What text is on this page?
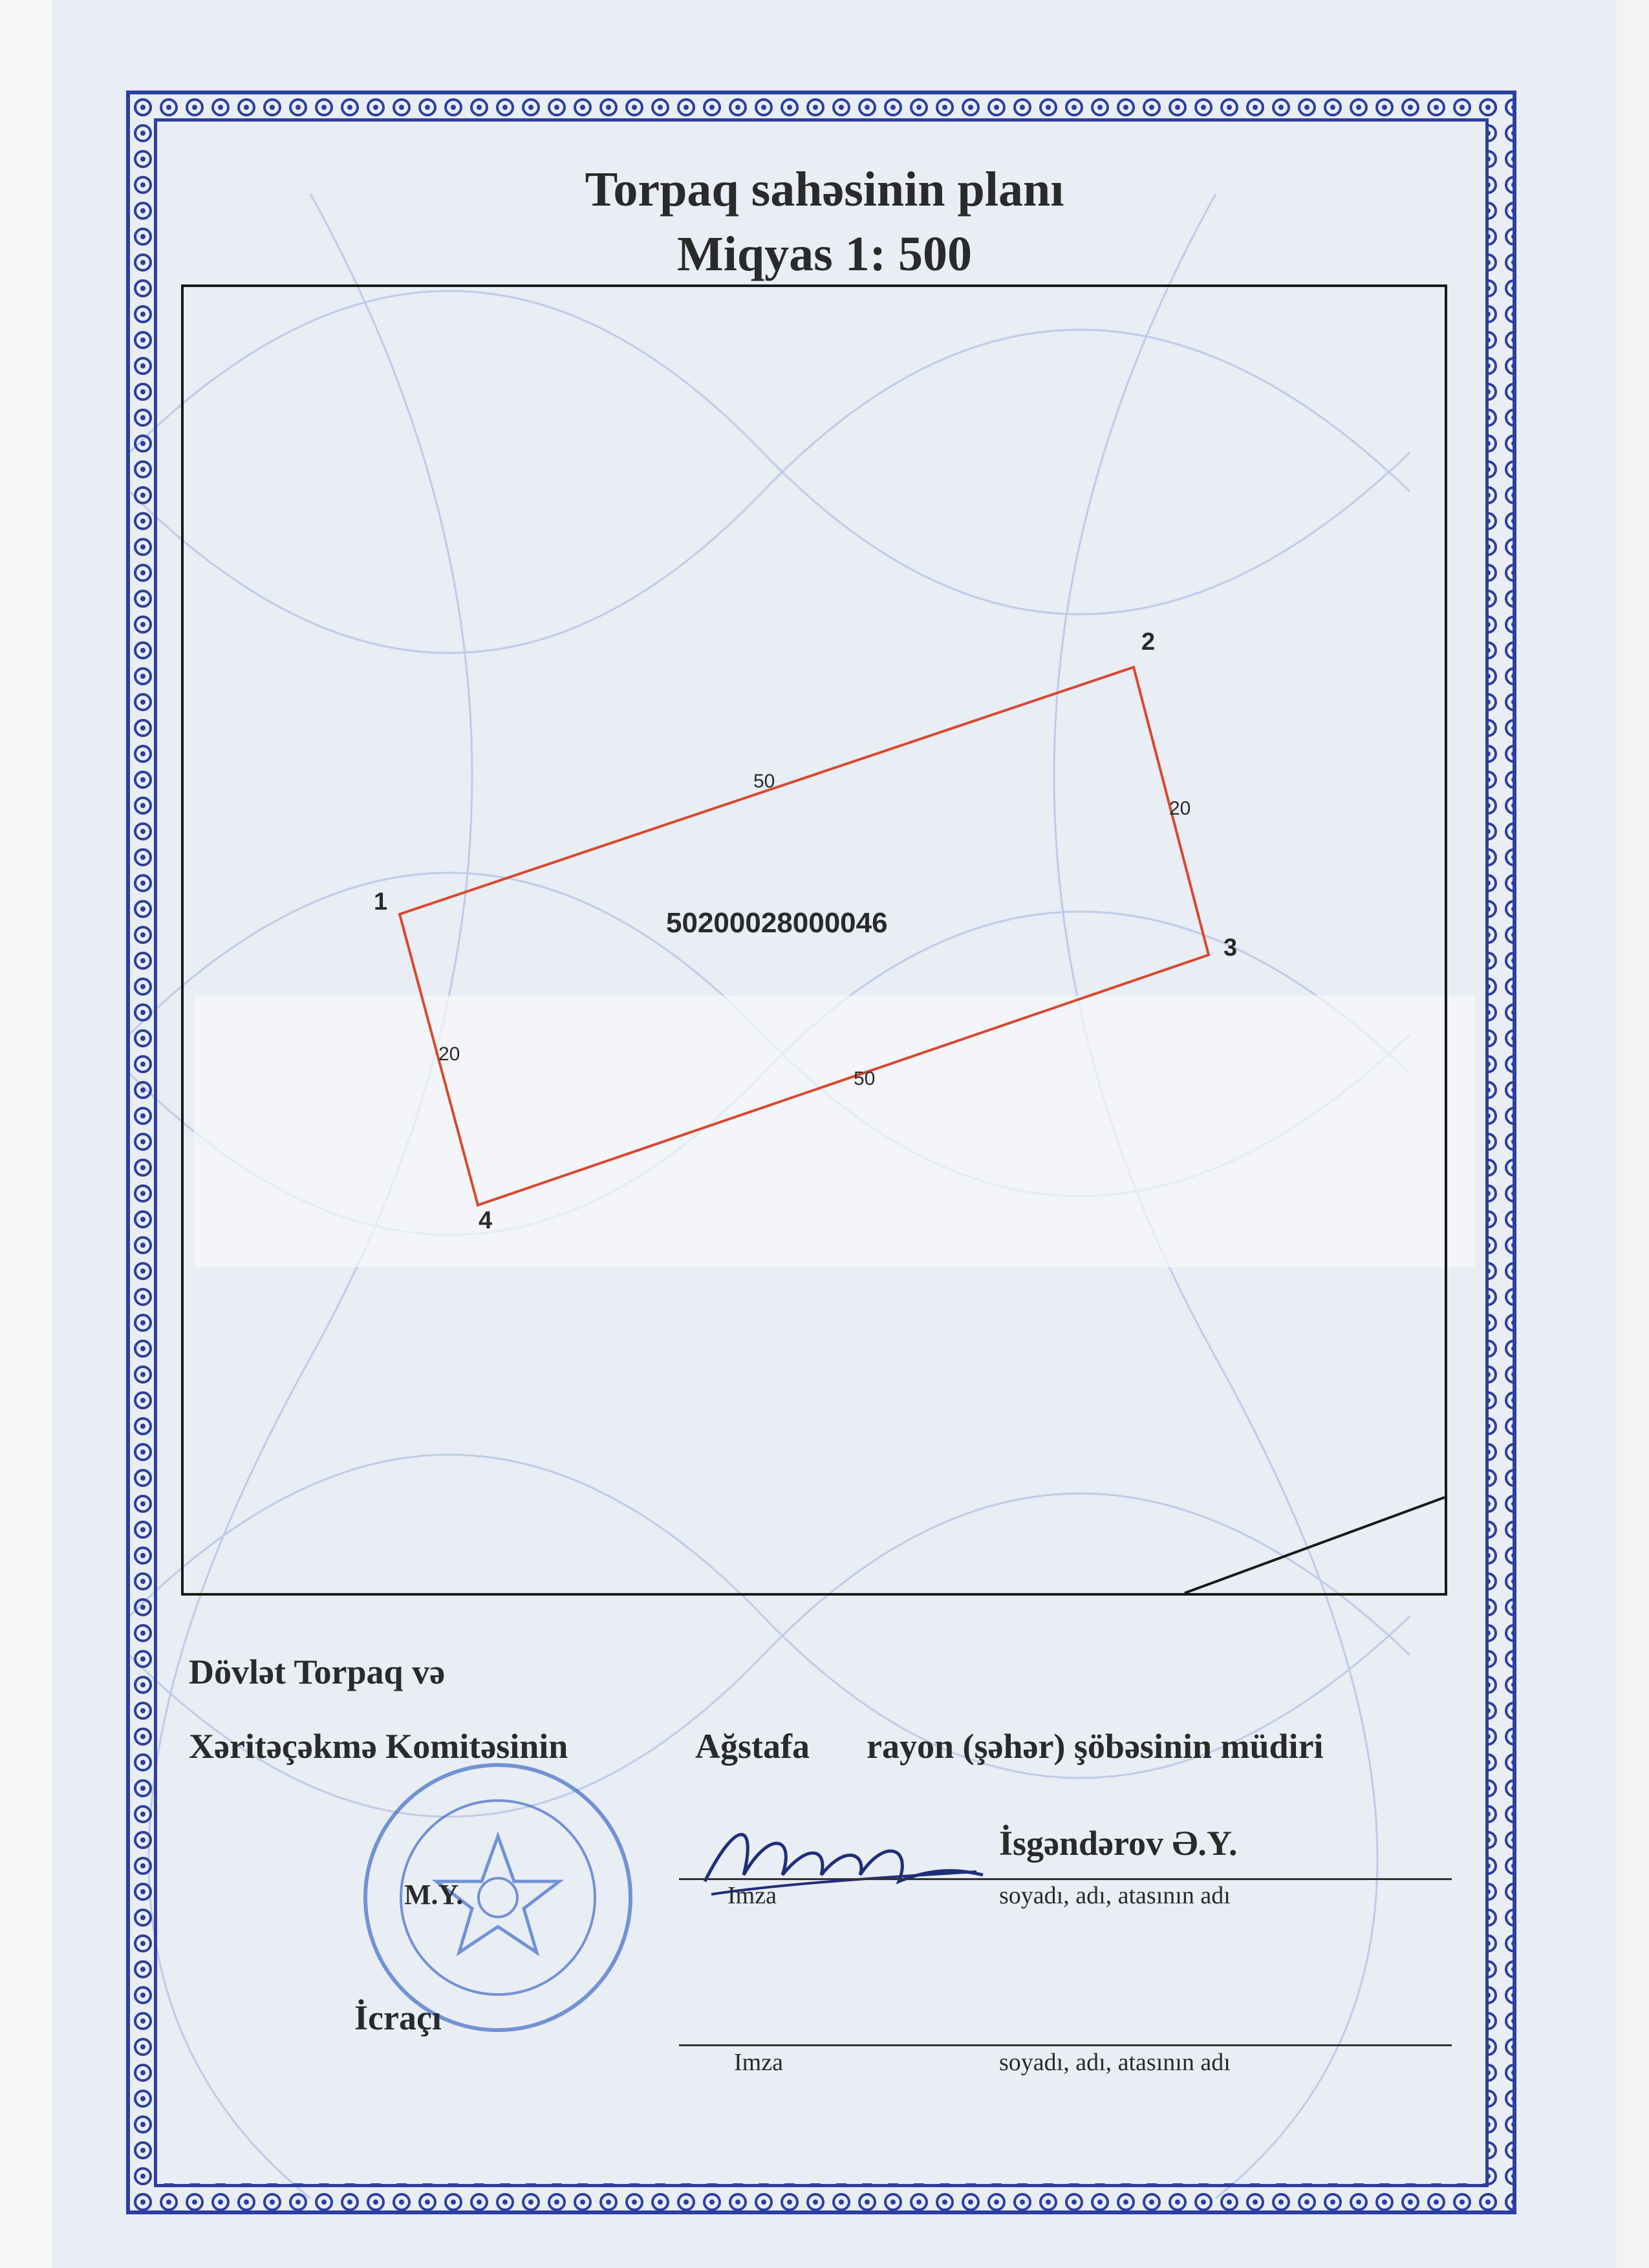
Torpaq sahəsinin planı
Miqyas 1: 500
1
2
3
4
50
20
50
20
50200028000046
Dövlət Torpaq və
Xəritəçəkmə Komitəsinin	Ağstafa rayon (şəhər) şöbəsinin müdiri
M.Y.
İsgəndərov Ə.Y.
Imza	soyadı, adı, atasının adı
İcraçı
Imza	soyadı, adı, atasının adı
